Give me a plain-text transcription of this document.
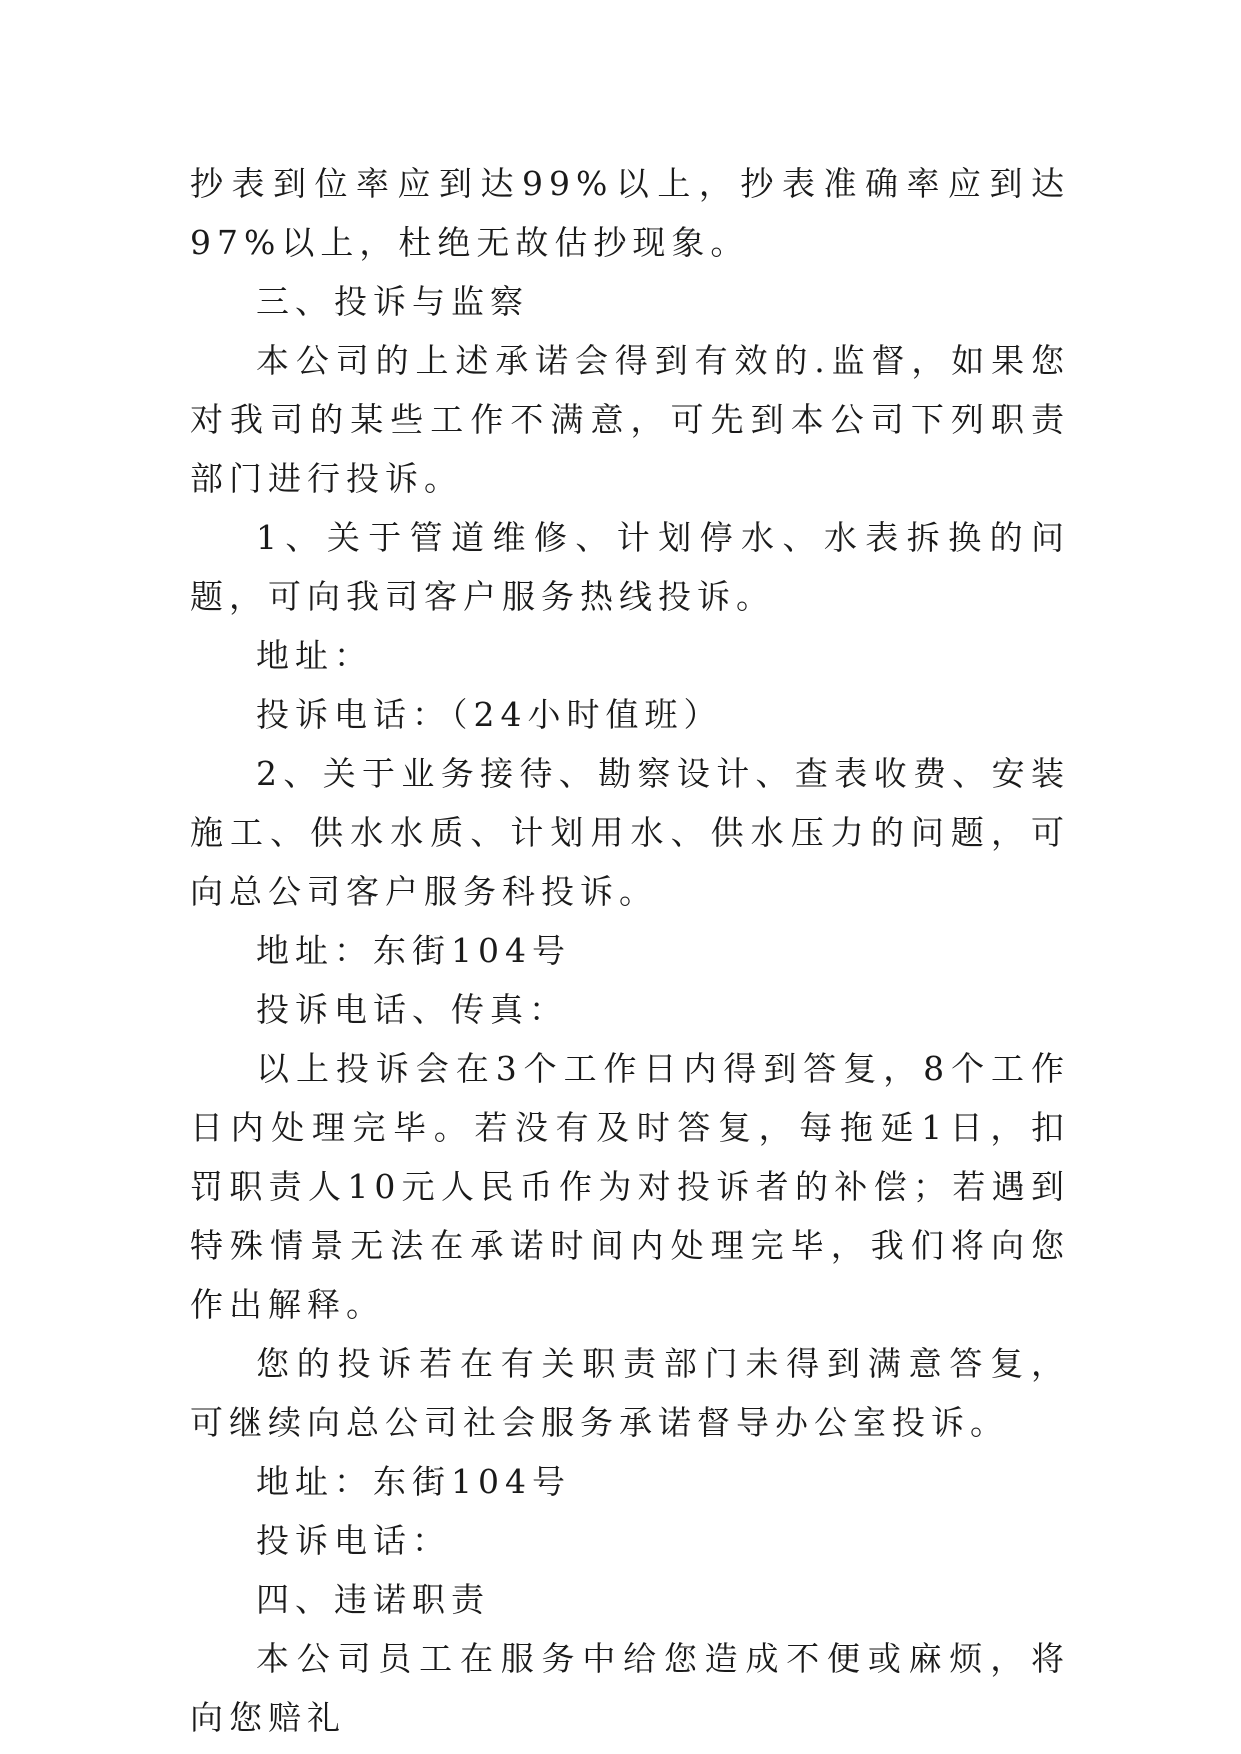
抄表到位率应到达99%以上，抄表准确率应到达97%以上，杜绝无故估抄现象。

三、投诉与监察

本公司的上述承诺会得到有效的.监督，如果您对我司的某些工作不满意，可先到本公司下列职责部门进行投诉。

1、关于管道维修、计划停水、水表拆换的问题，可向我司客户服务热线投诉。

地址：

投诉电话：（24小时值班）

2、关于业务接待、勘察设计、查表收费、安装施工、供水水质、计划用水、供水压力的问题，可向总公司客户服务科投诉。

地址：东街104号

投诉电话、传真：

以上投诉会在3个工作日内得到答复，8个工作日内处理完毕。若没有及时答复，每拖延1日，扣罚职责人10元人民币作为对投诉者的补偿；若遇到特殊情景无法在承诺时间内处理完毕，我们将向您作出解释。

您的投诉若在有关职责部门未得到满意答复，可继续向总公司社会服务承诺督导办公室投诉。

地址：东街104号

投诉电话：

四、违诺职责

本公司员工在服务中给您造成不便或麻烦，将向您赔礼
